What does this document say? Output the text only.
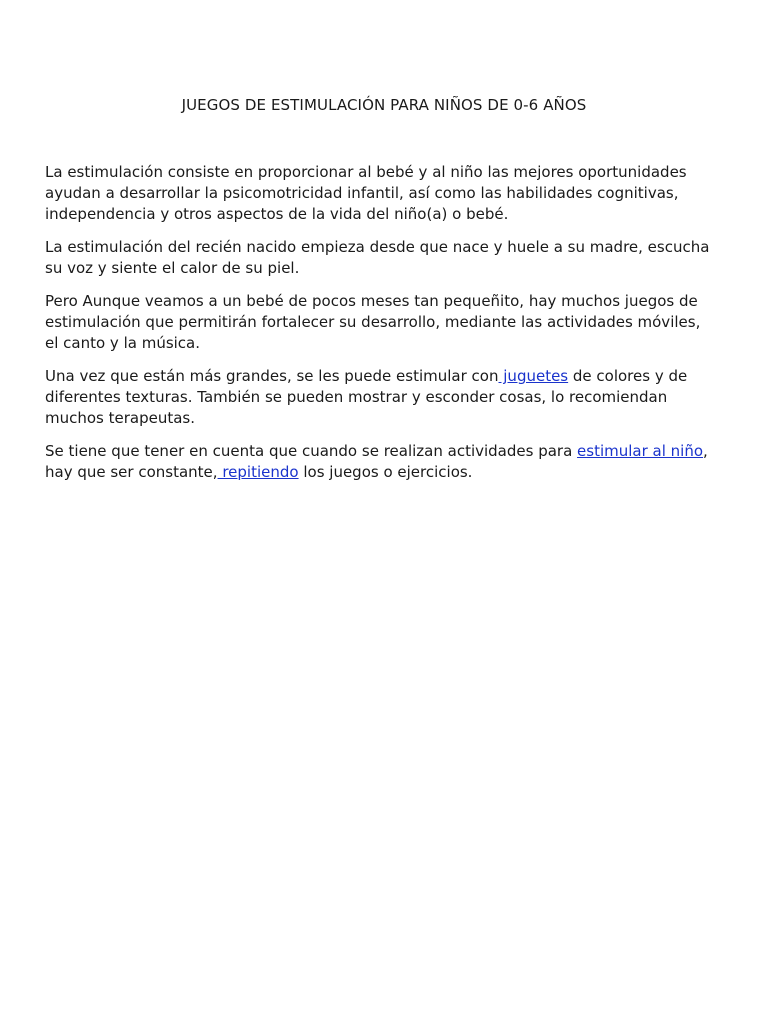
JUEGOS DE ESTIMULACIÓN PARA NIÑOS DE 0-6 AÑOS

La estimulación consiste en proporcionar al bebé y al niño las mejores oportunidades
ayudan a desarrollar la psicomotricidad infantil, así como las habilidades cognitivas,
independencia y otros aspectos de la vida del niño(a) o bebé.

La estimulación del recién nacido empieza desde que nace y huele a su madre, escucha
su voz y siente el calor de su piel.

Pero Aunque veamos a un bebé de pocos meses tan pequeñito, hay muchos juegos de
estimulación que permitirán fortalecer su desarrollo, mediante las actividades móviles,
el canto y la música.

Una vez que están más grandes, se les puede estimular con juguetes de colores y de
diferentes texturas. También se pueden mostrar y esconder cosas, lo recomiendan
muchos terapeutas.

Se tiene que tener en cuenta que cuando se realizan actividades para estimular al niño,
hay que ser constante, repitiendo los juegos o ejercicios.
